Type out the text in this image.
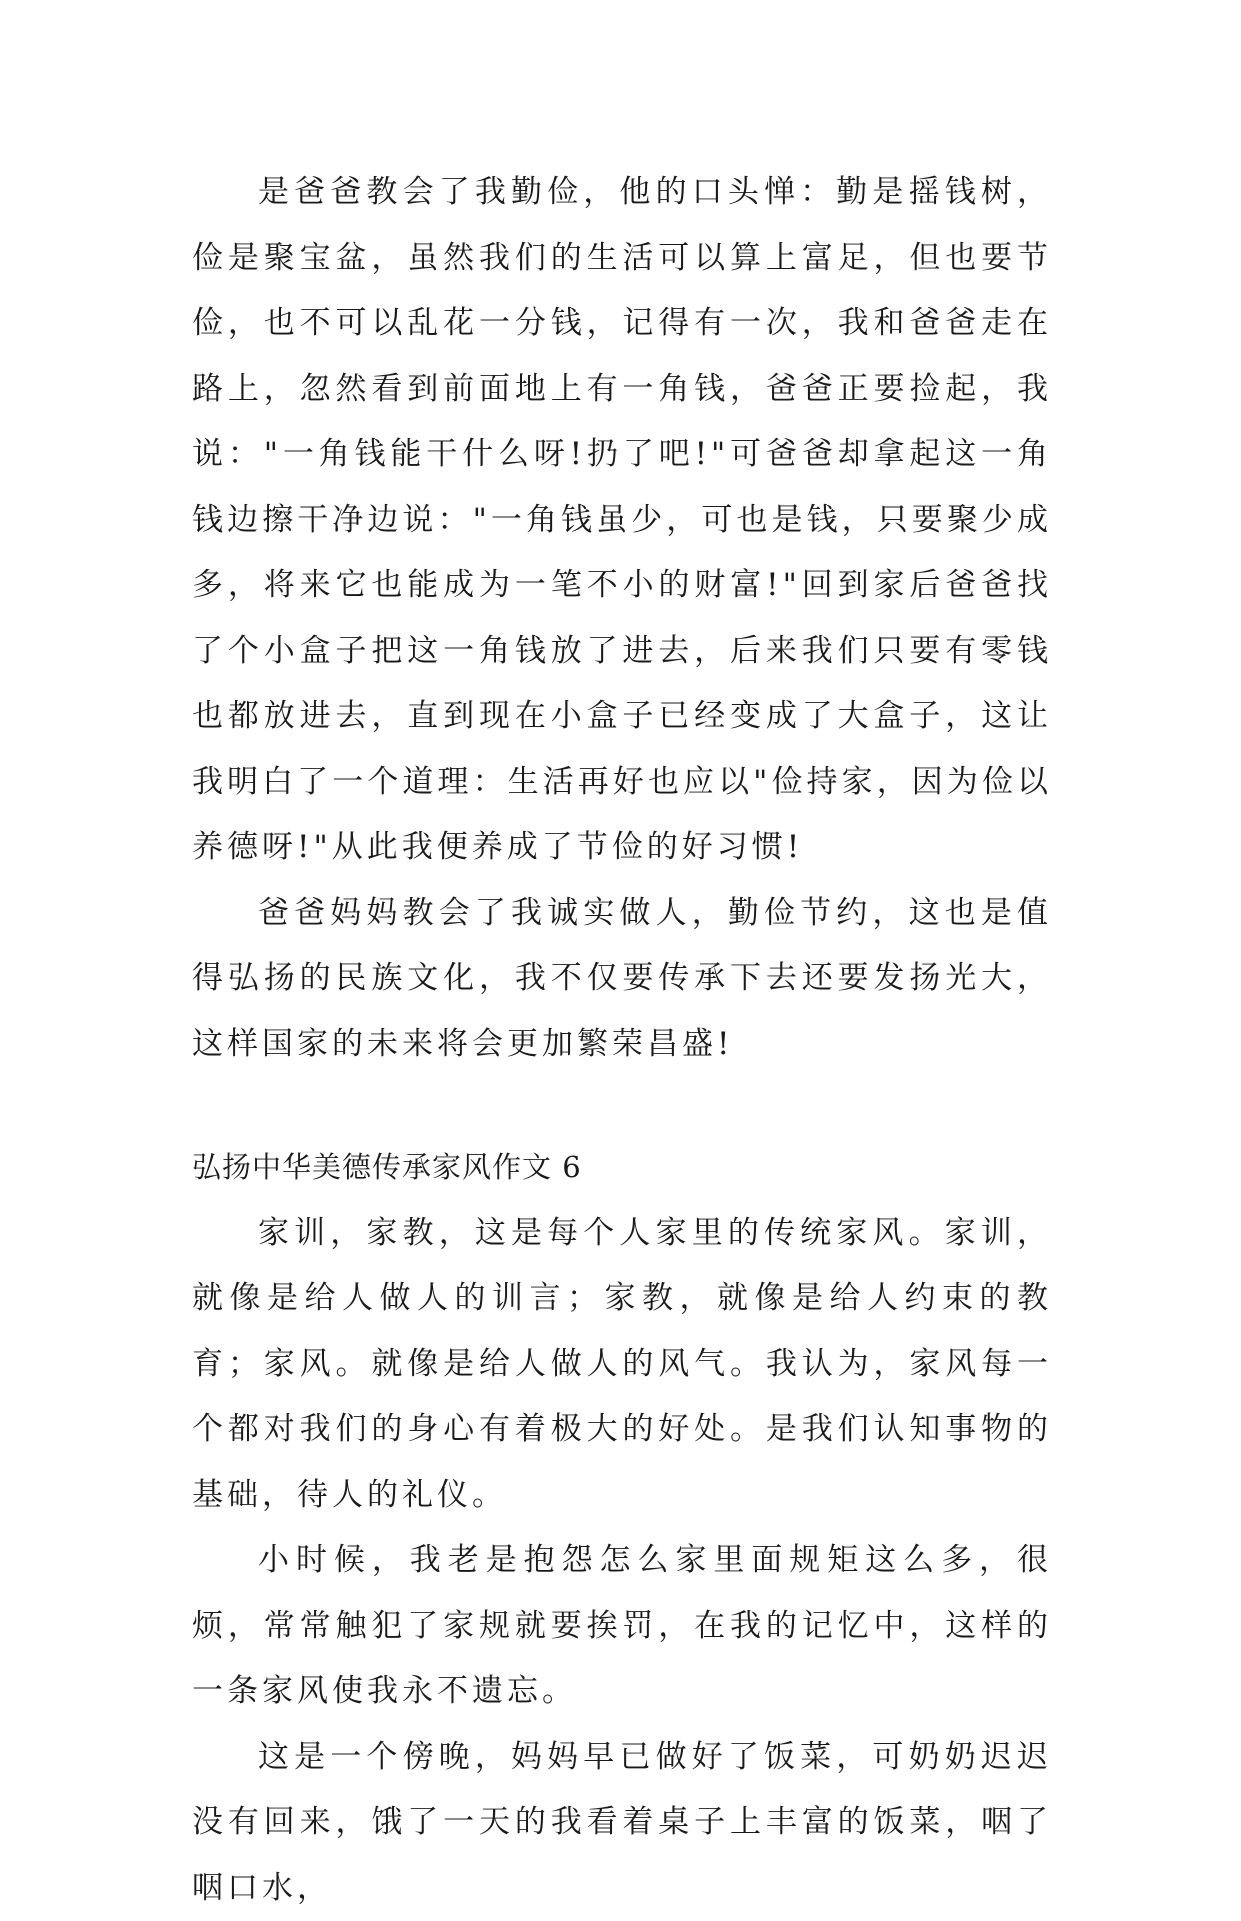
是爸爸教会了我勤俭，他的口头惮：勤是摇钱树，俭是聚宝盆，虽然我们的生活可以算上富足，但也要节俭，也不可以乱花一分钱，记得有一次，我和爸爸走在路上，忽然看到前面地上有一角钱，爸爸正要捡起，我说："一角钱能干什么呀!扔了吧!"可爸爸却拿起这一角钱边擦干净边说："一角钱虽少，可也是钱，只要聚少成多，将来它也能成为一笔不小的财富!"回到家后爸爸找了个小盒子把这一角钱放了进去，后来我们只要有零钱也都放进去，直到现在小盒子已经变成了大盒子，这让我明白了一个道理：生活再好也应以"俭持家，因为俭以养德呀!"从此我便养成了节俭的好习惯!

爸爸妈妈教会了我诚实做人，勤俭节约，这也是值得弘扬的民族文化，我不仅要传承下去还要发扬光大，这样国家的未来将会更加繁荣昌盛!

弘扬中华美德传承家风作文 6

家训，家教，这是每个人家里的传统家风。家训，就像是给人做人的训言；家教，就像是给人约束的教育；家风。就像是给人做人的风气。我认为，家风每一个都对我们的身心有着极大的好处。是我们认知事物的基础，待人的礼仪。

小时候，我老是抱怨怎么家里面规矩这么多，很烦，常常触犯了家规就要挨罚，在我的记忆中，这样的一条家风使我永不遗忘。

这是一个傍晚，妈妈早已做好了饭菜，可奶奶迟迟没有回来，饿了一天的我看着桌子上丰富的饭菜，咽了咽口水，
